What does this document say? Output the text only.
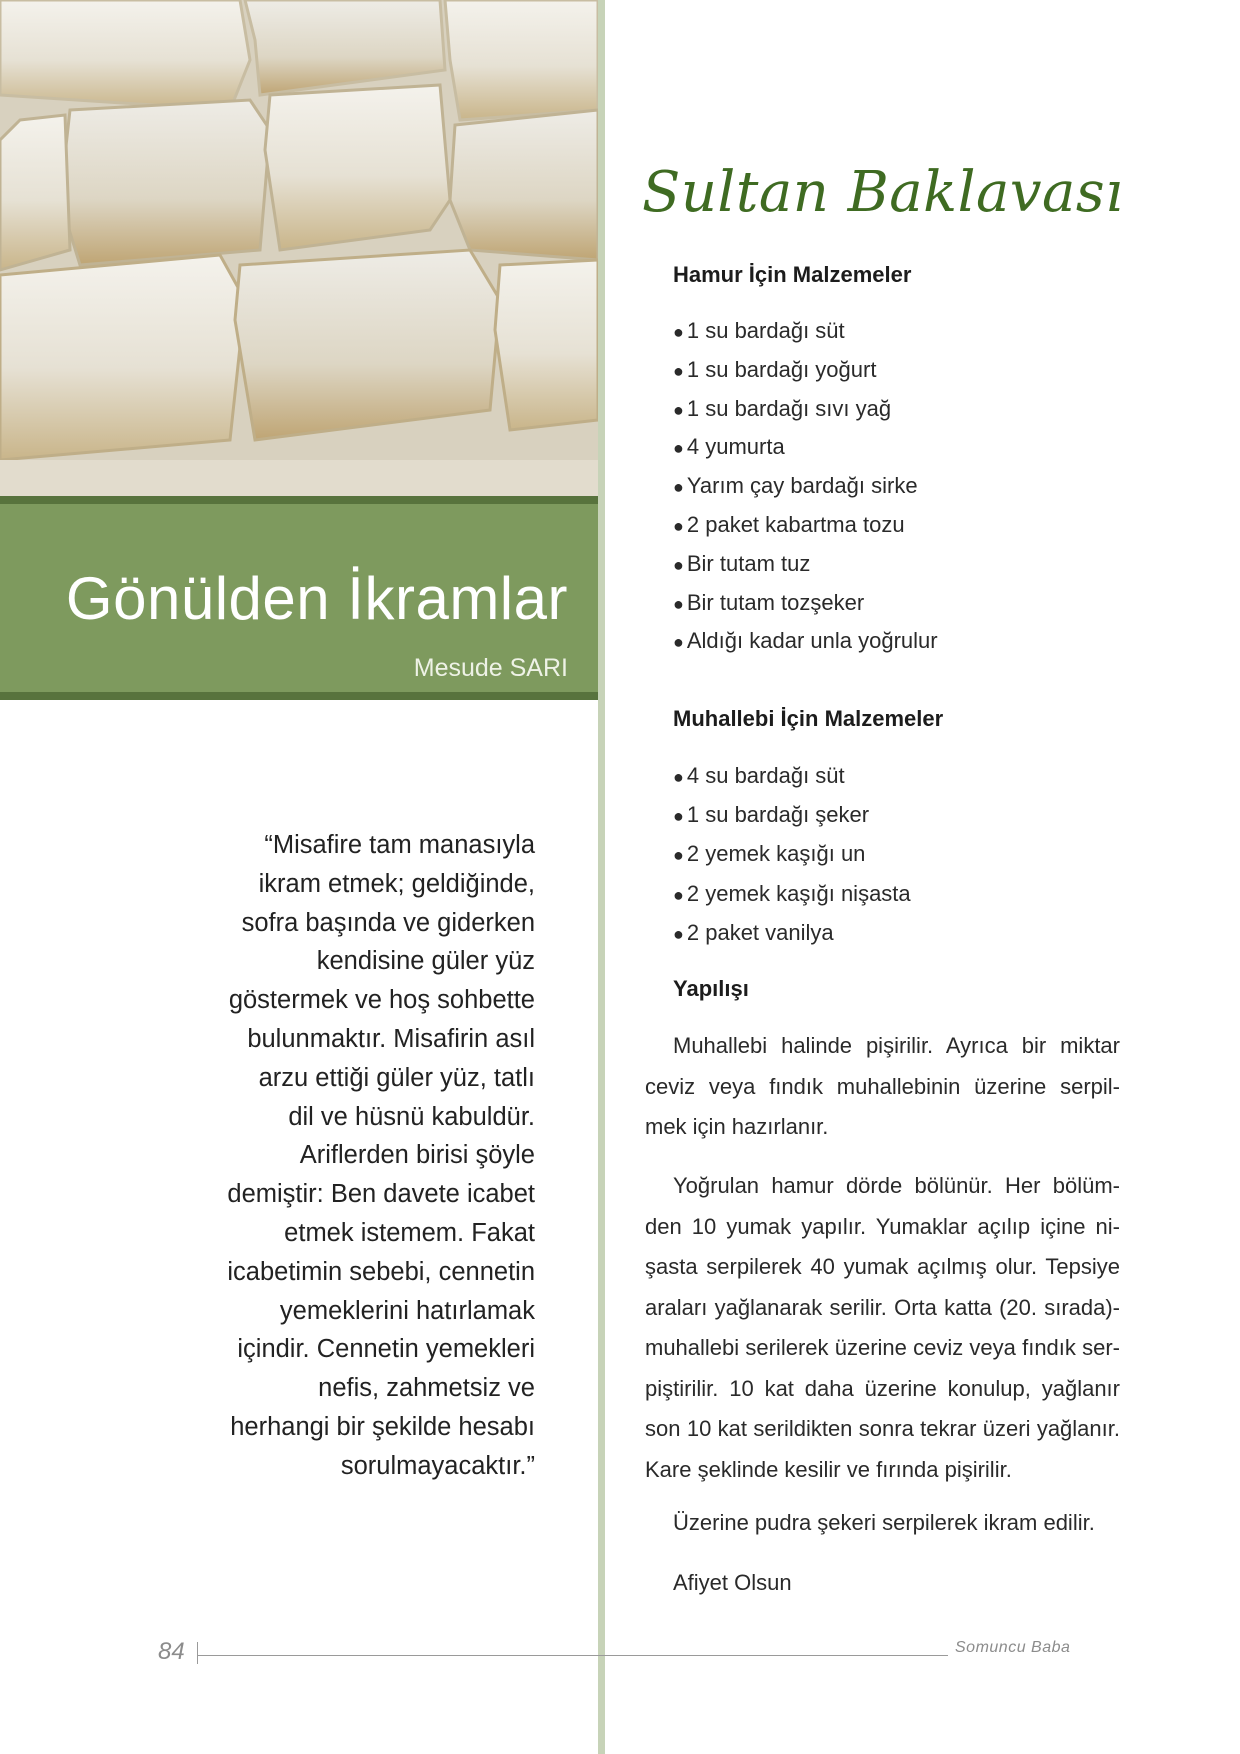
Gönülden İkramlar
Mesude SARI
“Misafire tam manasıyla
ikram etmek; geldiğinde,
sofra başında ve giderken
kendisine güler yüz
göstermek ve hoş sohbette
bulunmaktır. Misafirin asıl
arzu ettiği güler yüz, tatlı
dil ve hüsnü kabuldür.
Ariflerden birisi şöyle
demiştir: Ben davete icabet
etmek istemem. Fakat
icabetimin sebebi, cennetin
yemeklerini hatırlamak
içindir. Cennetin yemekleri
nefis, zahmetsiz ve
herhangi bir şekilde hesabı
sorulmayacaktır.”
Sultan Baklavası
Hamur İçin Malzemeler
● 1 su bardağı süt
● 1 su bardağı yoğurt
● 1 su bardağı sıvı yağ
● 4 yumurta
● Yarım çay bardağı sirke
● 2 paket kabartma tozu
● Bir tutam tuz
● Bir tutam tozşeker
● Aldığı kadar unla yoğrulur
Muhallebi İçin Malzemeler
● 4 su bardağı süt
● 1 su bardağı şeker
● 2 yemek kaşığı un
● 2 yemek kaşığı nişasta
● 2 paket vanilya
Yapılışı
Muhallebi halinde pişirilir. Ayrıca bir miktar
ceviz veya fındık muhallebinin üzerine serpil-
mek için hazırlanır.
Yoğrulan hamur dörde bölünür. Her bölüm-
den 10 yumak yapılır. Yumaklar açılıp içine ni-
şasta serpilerek 40 yumak açılmış olur. Tepsiye
araları yağlanarak serilir. Orta katta (20. sırada)-
muhallebi serilerek üzerine ceviz veya fındık ser-
piştirilir. 10 kat daha üzerine konulup, yağlanır
son 10 kat serildikten sonra tekrar üzeri yağlanır.
Kare şeklinde kesilir ve fırında pişirilir.
Üzerine pudra şekeri serpilerek ikram edilir.
Afiyet Olsun
84	Somuncu Baba
